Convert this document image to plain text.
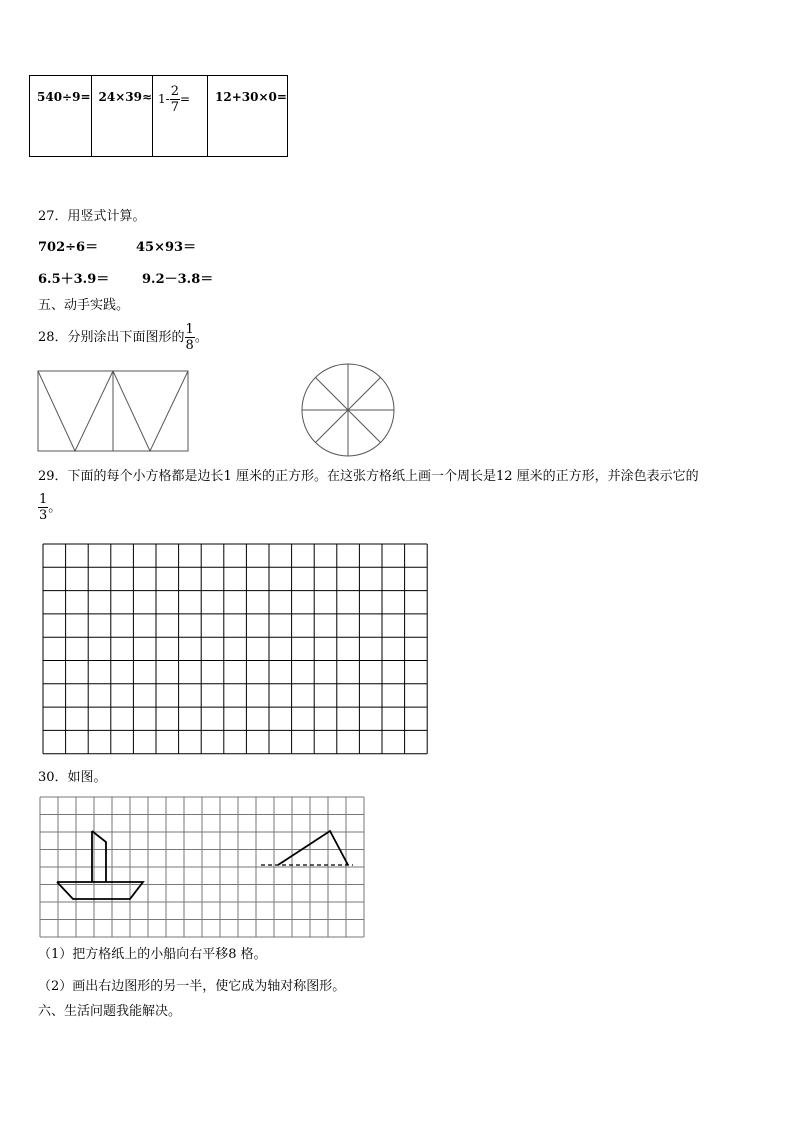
540÷9=	24×39≈	$1- \frac{2}{7}$ =	12+30×0=
27．用竖式计算。
702÷6＝	45×93＝
6.5＋3.9＝	9.2－3.8＝
五、动手实践。
28．分别涂出下面图形的 $\frac{1}{8}$ 。
29．下面的每个小方格都是边长1 厘米的正方形。在这张方格纸上画一个周长是12 厘米的正方形，并涂色表示它的
$\frac{1}{3}$ 。
30．如图。
（1）把方格纸上的小船向右平移8 格。
（2）画出右边图形的另一半，使它成为轴对称图形。
六、生活问题我能解决。
